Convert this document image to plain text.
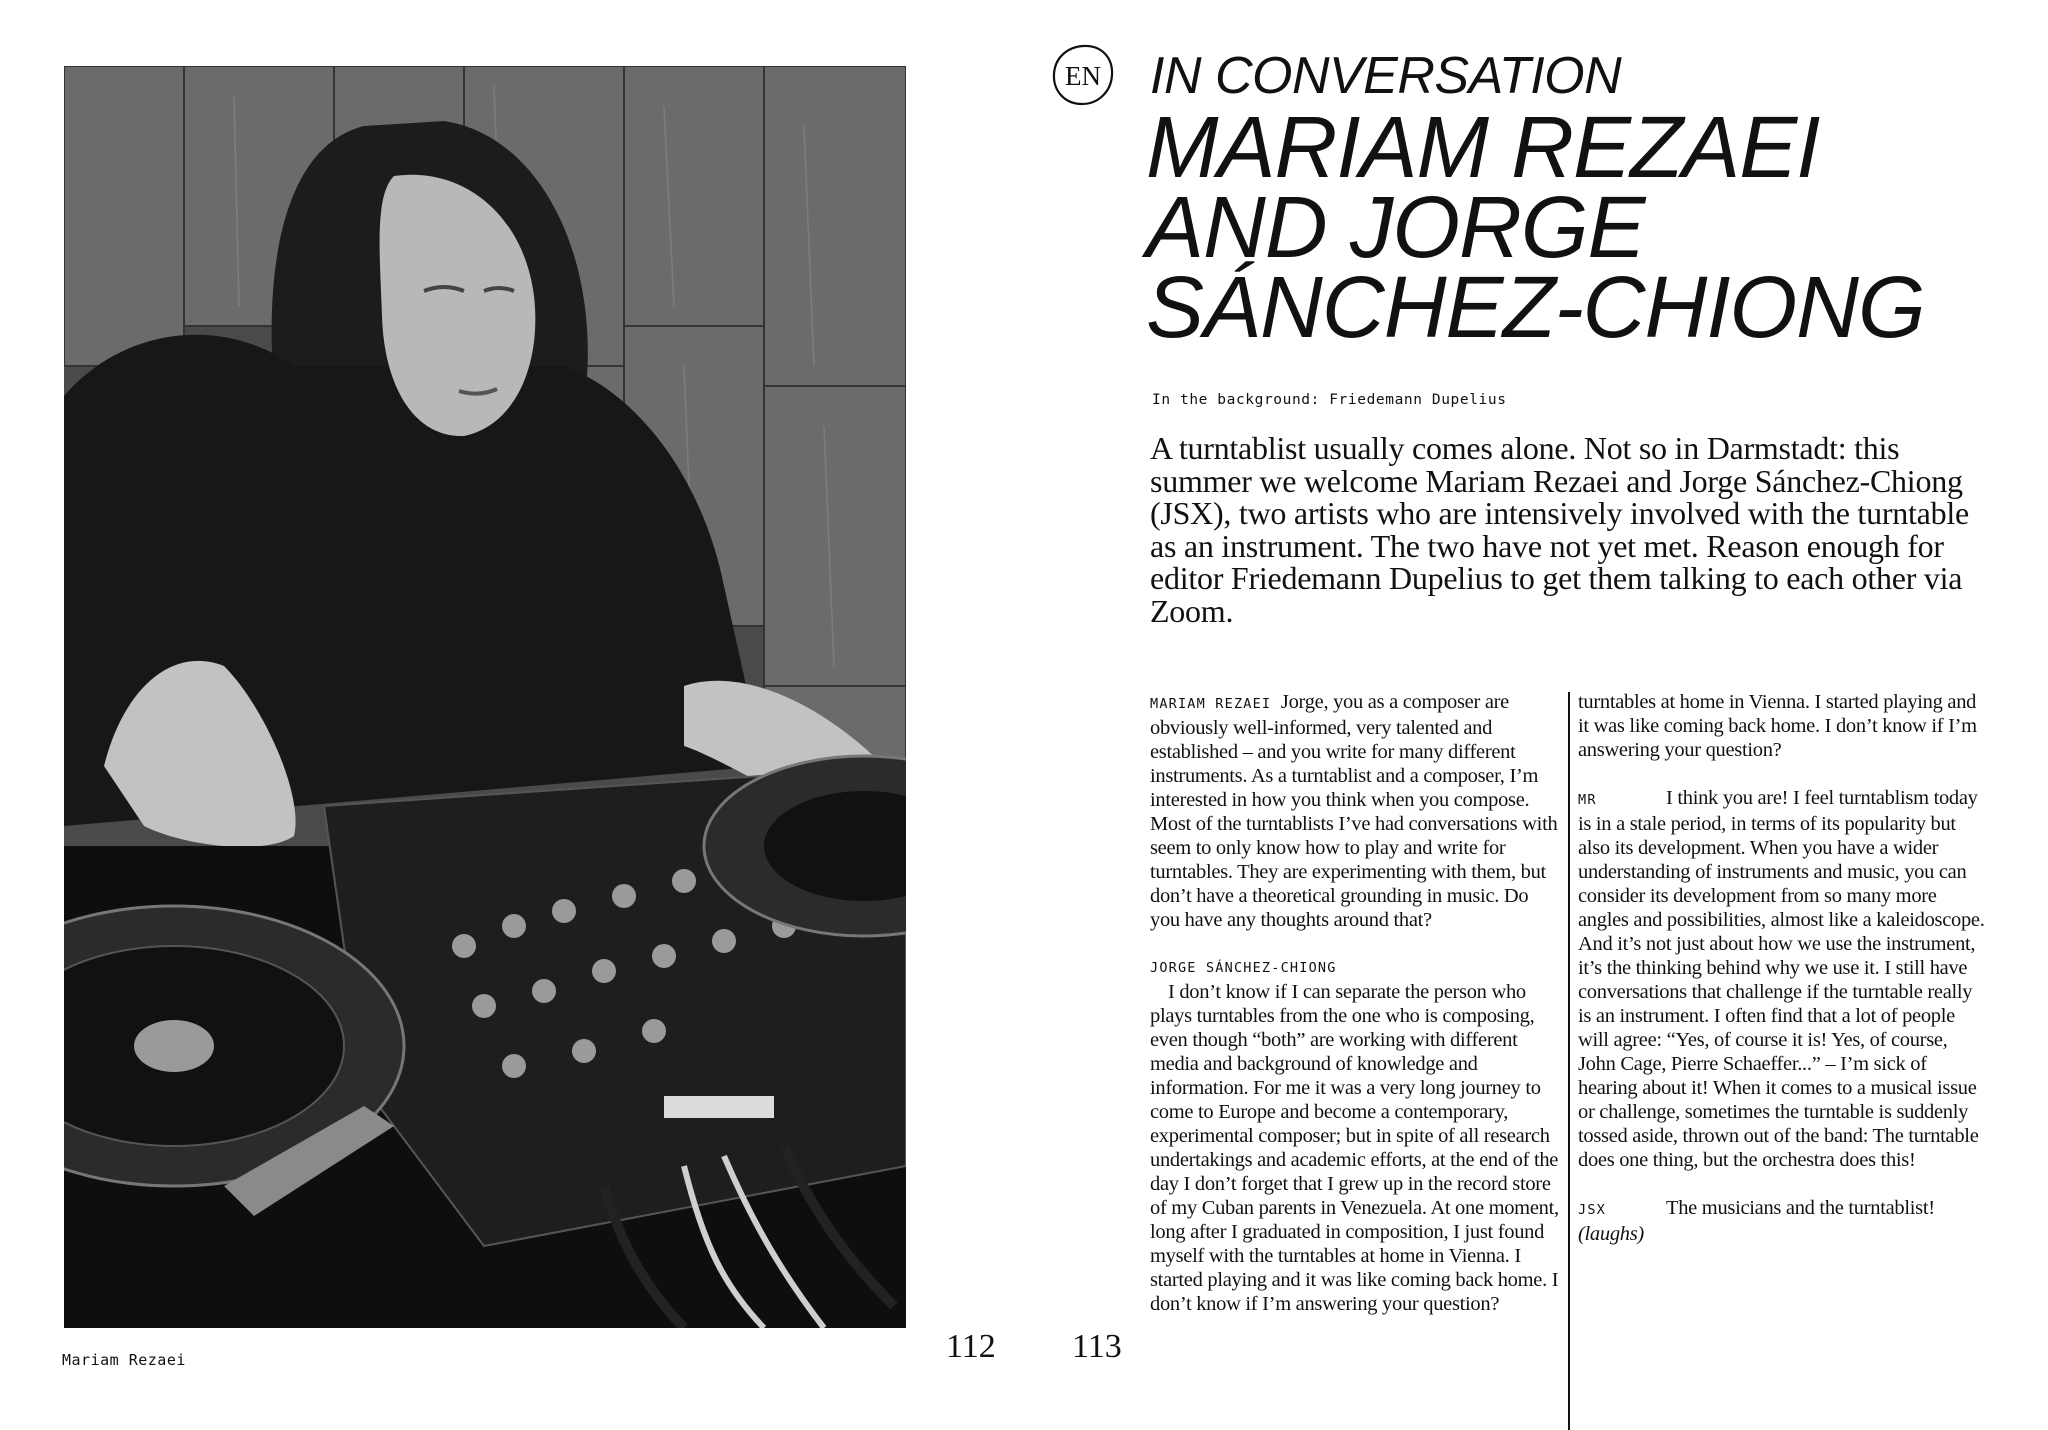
Mariam Rezaei	112 113
EN IN CONVERSATION
MARIAM REZAEI
AND JORGE
SÁNCHEZ-CHIONG
In the background: Friedemann Dupelius
A turntablist usually comes alone. Not so in Darmstadt: this summer we welcome Mariam Rezaei and Jorge Sánchez-Chiong (JSX), two artists who are intensively involved with the turntable as an instrument. The two have not yet met. Reason enough for editor Friedemann Dupelius to get them talking to each other via Zoom.

MARIAM REZAEI Jorge, you as a composer are obviously well-informed, very talented and established – and you write for many different instruments. As a turntablist and a composer, I’m interested in how you think when you compose. Most of the turntablists I’ve had conversations with seem to only know how to play and write for turntables. They are experimenting with them, but don’t have a theoretical grounding in music. Do you have any thoughts around that?

JORGE SÁNCHEZ-CHIONG

I don’t know if I can separate the person who plays turntables from the one who is composing, even though “both” are working with different media and background of knowledge and information. For me it was a very long journey to come to Europe and become a contemporary, experimental composer; but in spite of all research undertakings and academic efforts, at the end of the day I don’t forget that I grew up in the record store of my Cuban parents in Venezuela. At one moment, long after I graduated in composition, I just found myself with the turntables at home in Vienna. I started playing and it was like coming back home. I don’t know if I’m answering your question?

turntables at home in Vienna. I started playing and it was like coming back home. I don’t know if I’m answering your question?

MR	I think you are! I feel turntablism today is in a stale period, in terms of its popularity but also its development. When you have a wider understanding of instruments and music, you can consider its development from so many more angles and possibilities, almost like a kaleidoscope. And it’s not just about how we use the instrument, it’s the thinking behind why we use it. I still have conversations that challenge if the turntable really is an instrument. I often find that a lot of people will agree: “Yes, of course it is! Yes, of course, John Cage, Pierre Schaeffer...” – I’m sick of hearing about it! When it comes to a musical issue or challenge, sometimes the turntable is suddenly tossed aside, thrown out of the band: The turntable does one thing, but the orchestra does this!

JSX	The musicians and the turntablist! (laughs)
